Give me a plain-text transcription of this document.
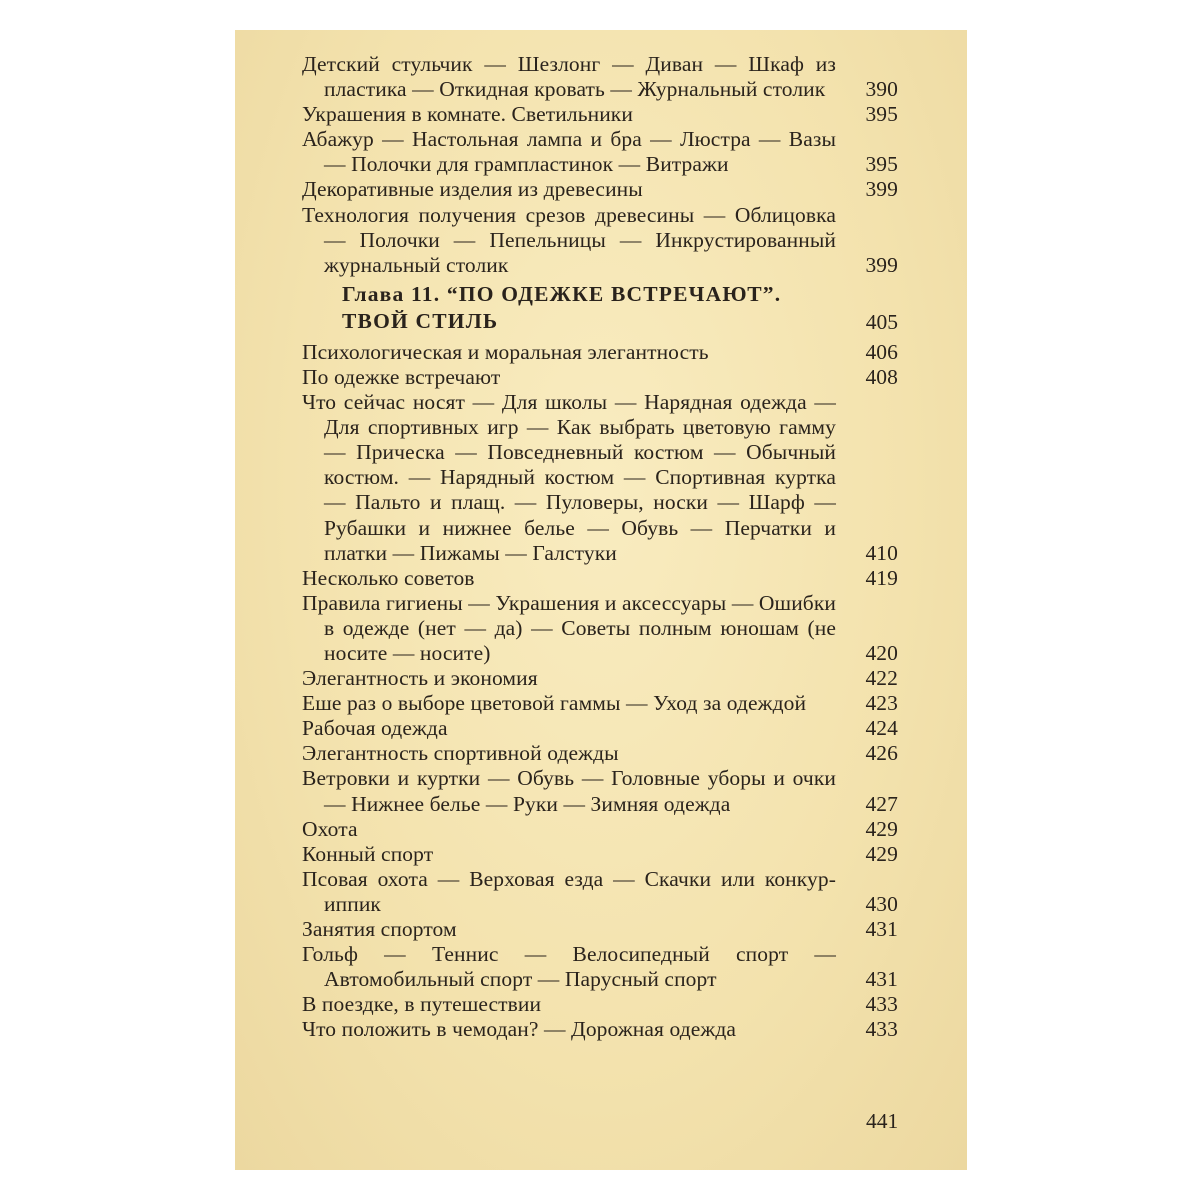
Детский стульчик — Шезлонг — Диван — Шкаф из пластика — Откидная кровать — Журнальный столик	390
Украшения в комнате. Светильники	395
Абажур — Настольная лампа и бра — Люстра — Вазы — Полочки для грампластинок — Витражи	395
Декоративные изделия из древесины	399
Технология получения срезов древесины — Облицовка — Полочки — Пепельницы — Инкрустированный журнальный столик	399
Глава 11. “ПО ОДЕЖКЕ ВСТРЕЧАЮТ”. ТВОЙ СТИЛЬ	405
Психологическая и моральная элегантность	406
По одежке встречают	408
Что сейчас носят — Для школы — Нарядная одежда — Для спортивных игр — Как выбрать цветовую гамму — Прическа — Повседневный костюм — Обычный костюм. — Нарядный костюм — Спортивная куртка — Пальто и плащ. — Пуловеры, носки — Шарф — Рубашки и нижнее белье — Обувь — Перчатки и платки — Пижамы — Галстуки	410
Несколько советов	419
Правила гигиены — Украшения и аксессуары — Ошибки в одежде (нет — да) — Советы полным юношам (не носите — носите)	420
Элегантность и экономия	422
Еше раз о выборе цветовой гаммы — Уход за одеждой	423
Рабочая одежда	424
Элегантность спортивной одежды	426
Ветровки и куртки — Обувь — Головные уборы и очки — Нижнее белье — Руки — Зимняя одежда	427
Охота	429
Конный спорт	429
Псовая охота — Верховая езда — Скачки или конкур-иппик	430
Занятия спортом	431
Гольф — Теннис — Велосипедный спорт — Автомобильный спорт — Парусный спорт	431
В поездке, в путешествии	433
Что положить в чемодан? — Дорожная одежда	433
441
